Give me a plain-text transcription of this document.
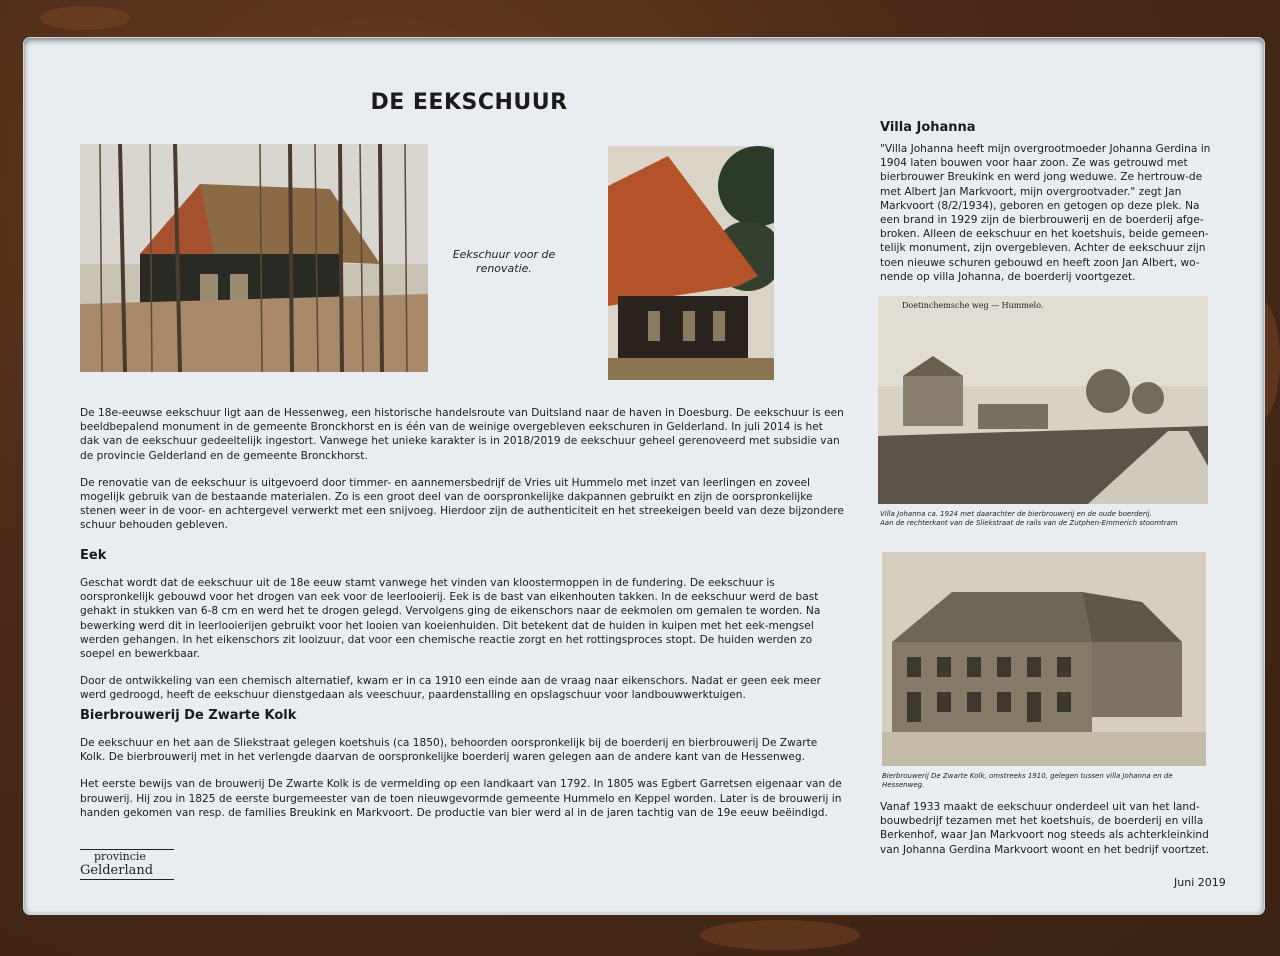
DE EEKSCHUUR
Eekschuur voor de renovatie.

De 18e-eeuwse eekschuur ligt aan de Hessenweg, een historische handelsroute van Duitsland naar de haven in Doesburg. De eekschuur is een beeldbepalend monument in de gemeente Bronckhorst en is één van de weinige overgebleven eekschuren in Gelderland. In juli 2014 is het dak van de eekschuur gedeeltelijk ingestort. Vanwege het unieke karakter is in 2018/2019 de eekschuur geheel gerenoveerd met subsidie van de provincie Gelderland en de gemeente Bronckhorst.

De renovatie van de eekschuur is uitgevoerd door timmer- en aannemersbedrijf de Vries uit Hummelo met inzet van leerlingen en zoveel mogelijk gebruik van de bestaande materialen. Zo is een groot deel van de oorspronkelijke dakpannen gebruikt en zijn de oorspronkelijke stenen weer in de voor- en achtergevel verwerkt met een snijvoeg. Hierdoor zijn de authenticiteit en het streekeigen beeld van deze bijzondere schuur behouden gebleven.

Eek

Geschat wordt dat de eekschuur uit de 18e eeuw stamt vanwege het vinden van kloostermoppen in de fundering. De eekschuur is oorspronkelijk gebouwd voor het drogen van eek voor de leerlooierij. Eek is de bast van eikenhouten takken. In de eekschuur werd de bast gehakt in stukken van 6-8 cm en werd het te drogen gelegd. Vervolgens ging de eikenschors naar de eekmolen om gemalen te worden. Na bewerking werd dit in leerlooierijen gebruikt voor het looien van koeienhuiden. Dit betekent dat de huiden in kuipen met het eek-mengsel werden gehangen. In het eikenschors zit looizuur, dat voor een chemische reactie zorgt en het rottingsproces stopt. De huiden werden zo soepel en bewerkbaar.

Door de ontwikkeling van een chemisch alternatief, kwam er in ca 1910 een einde aan de vraag naar eikenschors. Nadat er geen eek meer werd gedroogd, heeft de eekschuur dienstgedaan als veeschuur, paardenstalling en opslagschuur voor landbouwwerktuigen.

Bierbrouwerij De Zwarte Kolk

De eekschuur en het aan de Sliekstraat gelegen koetshuis (ca 1850), behoorden oorspronkelijk bij de boerderij en bierbrouwerij De Zwarte Kolk. De bierbrouwerij met in het verlengde daarvan de oorspronkelijke boerderij waren gelegen aan de andere kant van de Hessenweg.

Het eerste bewijs van de brouwerij De Zwarte Kolk is de vermelding op een landkaart van 1792. In 1805 was Egbert Garretsen eigenaar van de brouwerij. Hij zou in 1825 de eerste burgemeester van de toen nieuwgevormde gemeente Hummelo en Keppel worden. Later is de brouwerij in handen gekomen van resp. de families Breukink en Markvoort. De productie van bier werd al in de jaren tachtig van de 19e eeuw beëindigd.

provincie
Gelderland
Villa Johanna

"Villa Johanna heeft mijn overgrootmoeder Johanna Gerdina in 1904 laten bouwen voor haar zoon. Ze was getrouwd met bierbrouwer Breukink en werd jong weduwe. Ze hertrouw-de met Albert Jan Markvoort, mijn overgrootvader." zegt Jan Markvoort (8/2/1934), geboren en getogen op deze plek. Na een brand in 1929 zijn de bierbrouwerij en de boerderij afge-broken. Alleen de eekschuur en het koetshuis, beide gemeen-telijk monument, zijn overgebleven. Achter de eekschuur zijn toen nieuwe schuren gebouwd en heeft zoon Jan Albert, wo-nende op villa Johanna, de boerderij voortgezet.

Doetinchemsche weg — Hummelo.
Villa Johanna ca. 1924 met daarachter de bierbrouwerij en de oude boerderij.
Aan de rechterkant van de Sliekstraat de rails van de Zutphen-Emmerich stoomtram
Bierbrouwerij De Zwarte Kolk, omstreeks 1910, gelegen tussen villa Johanna en de Hessenweg.

Vanaf 1933 maakt de eekschuur onderdeel uit van het land-bouwbedrijf tezamen met het koetshuis, de boerderij en villa Berkenhof, waar Jan Markvoort nog steeds als achterkleinkind van Johanna Gerdina Markvoort woont en het bedrijf voortzet.

Juni 2019
